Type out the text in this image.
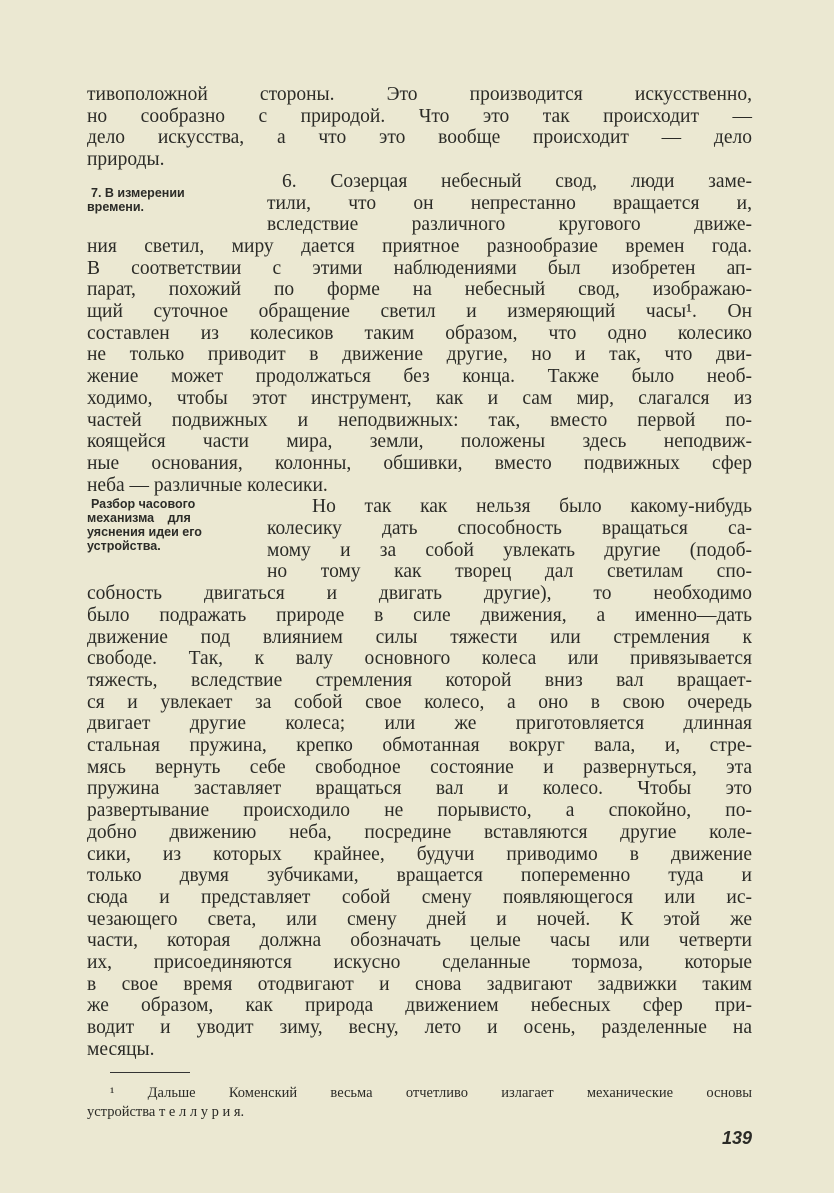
тивоположной стороны. Это производится искусственно,
но сообразно с природой. Что это так происходит —
дело искусства, а что это вообще происходит — дело
природы.
6. Созерцая небесный свод, люди заме-
тили, что он непрестанно вращается и,
вследствие различного кругового движе-
ния светил, миру дается приятное разнообразие времен года.
В соответствии с этими наблюдениями был изобретен ап-
парат, похожий по форме на небесный свод, изображаю-
щий суточное обращение светил и измеряющий часы¹. Он
составлен из колесиков таким образом, что одно колесико
не только приводит в движение другие, но и так, что дви-
жение может продолжаться без конца. Также было необ-
ходимо, чтобы этот инструмент, как и сам мир, слагался из
частей подвижных и неподвижных: так, вместо первой по-
коящейся части мира, земли, положены здесь неподвиж-
ные основания, колонны, обшивки, вместо подвижных сфер
неба — различные колесики.
Но так как нельзя было какому-нибудь
колесику дать способность вращаться са-
мому и за собой увлекать другие (подоб-
но тому как творец дал светилам спо-
собность двигаться и двигать другие), то необходимо
было подражать природе в силе движения, а именно—дать
движение под влиянием силы тяжести или стремления к
свободе. Так, к валу основного колеса или привязывается
тяжесть, вследствие стремления которой вниз вал вращает-
ся и увлекает за собой свое колесо, а оно в свою очередь
двигает другие колеса; или же приготовляется длинная
стальная пружина, крепко обмотанная вокруг вала, и, стре-
мясь вернуть себе свободное состояние и развернуться, эта
пружина заставляет вращаться вал и колесо. Чтобы это
развертывание происходило не порывисто, а спокойно, по-
добно движению неба, посредине вставляются другие коле-
сики, из которых крайнее, будучи приводимо в движение
только двумя зубчиками, вращается попеременно туда и
сюда и представляет собой смену появляющегося или ис-
чезающего света, или смену дней и ночей. К этой же
части, которая должна обозначать целые часы или четверти
их, присоединяются искусно сделанные тормоза, которые
в свое время отодвигают и снова задвигают задвижки таким
же образом, как природа движением небесных сфер при-
водит и уводит зиму, весну, лето и осень, разделенные на
месяцы.
7. В измерении
времени.
Разбор часового
механизма для
уяснения идеи его
устройства.
¹ Дальше Коменский весьма отчетливо излагает механические основы
устройства т е л л у р и я.
139
